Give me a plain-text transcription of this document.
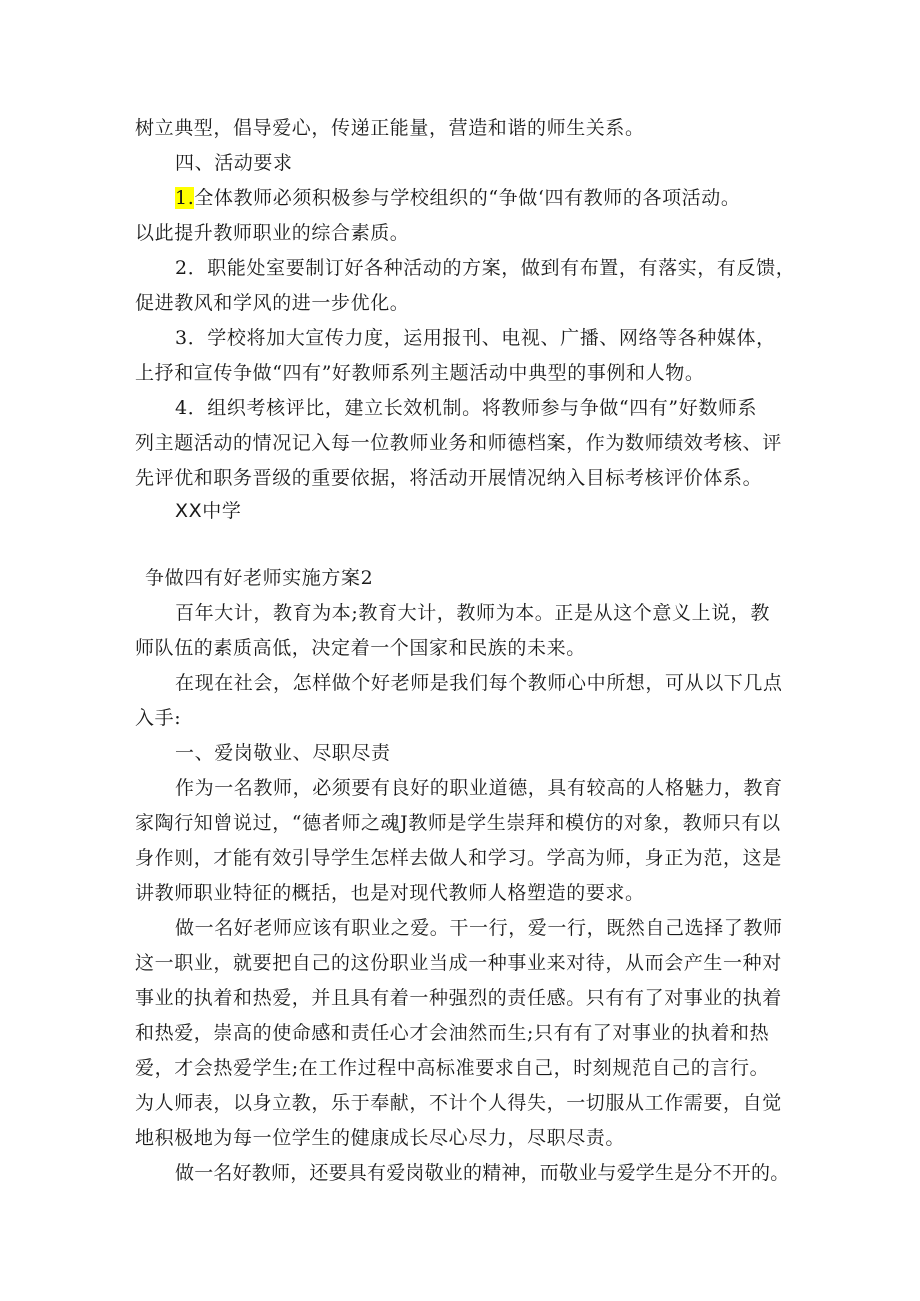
树立典型，倡导爱心，传递正能量，营造和谐的师生关系。
四、活动要求
1.全体教师必须积极参与学校组织的“争做‘四有教师的各项活动。
以此提升教师职业的综合素质。
2．职能处室要制订好各种活动的方案，做到有布置，有落实，有反馈，
促进教风和学风的进一步优化。
3．学校将加大宣传力度，运用报刊、电视、广播、网络等各种媒体，
上抒和宣传争做“四有”好教师系列主题活动中典型的事例和人物。
4．组织考核评比，建立长效机制。将教师参与争做“四有”好数师系
列主题活动的情况记入每一位教师业务和师德档案，作为数师绩效考核、评
先评优和职务晋级的重要依据，将活动开展情况纳入目标考核评价体系。
XX中学
争做四有好老师实施方案2
百年大计，教育为本;教育大计，教师为本。正是从这个意义上说，教
师队伍的素质高低，决定着一个国家和民族的未来。
在现在社会，怎样做个好老师是我们每个教师心中所想，可从以下几点
入手:
一、爱岗敬业、尽职尽责
作为一名教师，必须要有良好的职业道德，具有较高的人格魅力，教育
家陶行知曾说过，“德者师之魂J教师是学生崇拜和模仿的对象，教师只有以
身作则，才能有效引导学生怎样去做人和学习。学高为师，身正为范，这是
讲教师职业特征的概括，也是对现代教师人格塑造的要求。
做一名好老师应该有职业之爱。干一行，爱一行，既然自己选择了教师
这一职业，就要把自己的这份职业当成一种事业来对待，从而会产生一种对
事业的执着和热爱，并且具有着一种强烈的责任感。只有有了对事业的执着
和热爱，崇高的使命感和责任心才会油然而生;只有有了对事业的执着和热
爱，才会热爱学生;在工作过程中高标准要求自己，时刻规范自己的言行。
为人师表，以身立教，乐于奉献，不计个人得失，一切服从工作需要，自觉
地积极地为每一位学生的健康成长尽心尽力，尽职尽责。
做一名好教师，还要具有爱岗敬业的精神，而敬业与爱学生是分不开的。
